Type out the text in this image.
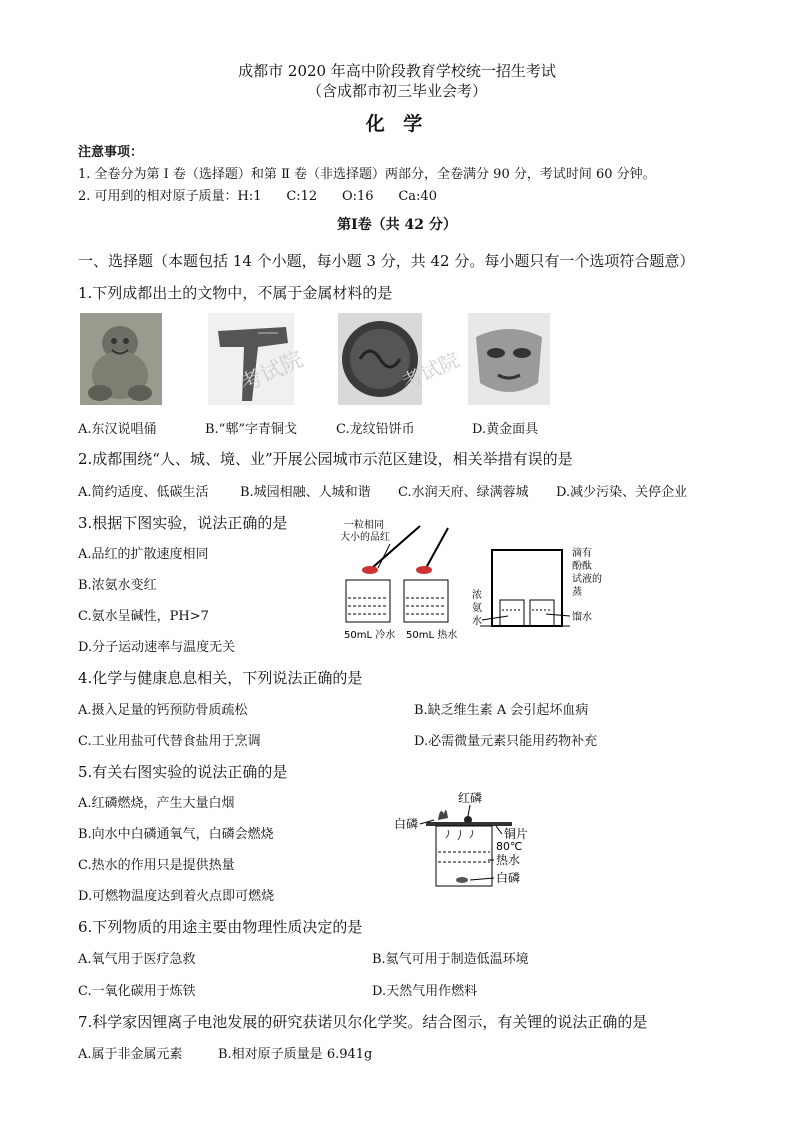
成都市 2020 年高中阶段教育学校统一招生考试
（含成都市初三毕业会考）
化 学
注意事项：
1. 全卷分为第 Ⅰ 卷（选择题）和第 Ⅱ 卷（非选择题）两部分，全卷满分 90 分，考试时间 60 分钟。
2. 可用到的相对原子质量：H:1      C:12      O:16      Ca:40
第Ⅰ卷（共 42 分）
一、选择题（本题包括 14 个小题，每小题 3 分，共 42 分。每小题只有一个选项符合题意）
1.下列成都出土的文物中，不属于金属材料的是
考试院	考试院
A.东汉说唱俑	B.“郫”字青铜戈	C.龙纹铅饼币	D.黄金面具
2.成都围绕“人、城、境、业”开展公园城市示范区建设，相关举措有误的是
A.简约适度、低碳生活 B.城园相融、人城和谐 C.水润天府、绿满蓉城 D.减少污染、关停企业
3.根据下图实验，说法正确的是
A.品红的扩散速度相同
B.浓氨水变红
C.氨水呈碱性，PH>7
D.分子运动速率与温度无关
一粒相同
大小的品红
50mL 冷水 50mL 热水
浓
氨
水
滴有
酚酞
试液的
蒸
馏水
4.化学与健康息息相关，下列说法正确的是
A.摄入足量的钙预防骨质疏松	B.缺乏维生素 A 会引起坏血病
C.工业用盐可代替食盐用于烹调	D.必需微量元素只能用药物补充
5.有关右图实验的说法正确的是
A.红磷燃烧，产生大量白烟
B.向水中白磷通氧气，白磷会燃烧
C.热水的作用只是提供热量
D.可燃物温度达到着火点即可燃烧
红磷
白磷
铜片
80℃
热水
白磷
6.下列物质的用途主要由物理性质决定的是
A.氧气用于医疗急救	B.氦气可用于制造低温环境
C.一氧化碳用于炼铁	D.天然气用作燃料
7.科学家因锂离子电池发展的研究获诺贝尔化学奖。结合图示，有关锂的说法正确的是
A.属于非金属元素	B.相对原子质量是 6.941g
